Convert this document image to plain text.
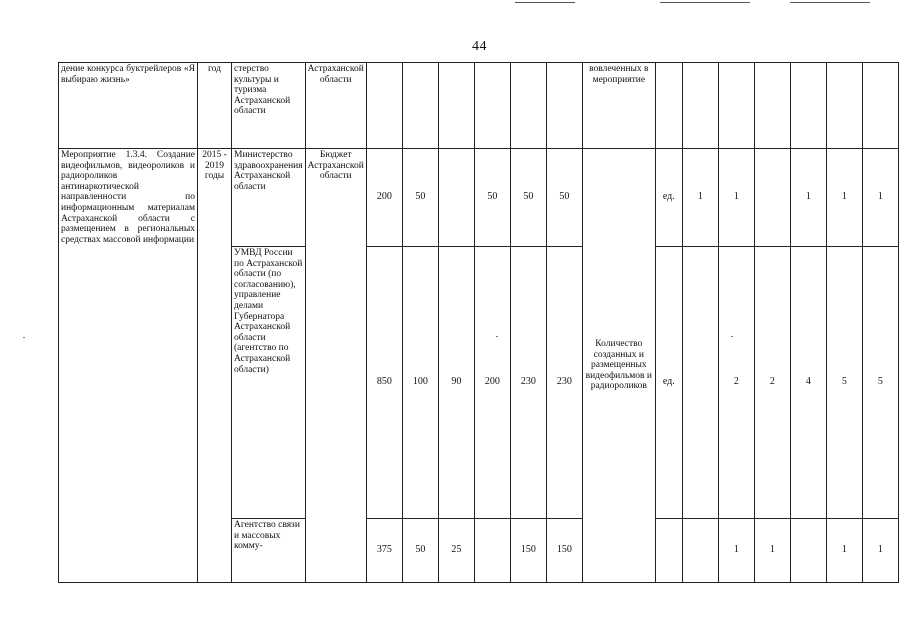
44
дение конкурса буктрейлеров «Я выбираю жизнь»	год	стерство культуры и туризма Астраханской области	Астраханской области							вовлеченных в мероприятие							
Мероприятие 1.3.4. Создание видеофильмов, видеороликов и радиороликов антинаркотической направленности по информационным материалам Астраханской области с размещением в региональных средствах массовой информации	2015 - 2019 годы	Министерство здравоохранения Астраханской области	Бюджет Астраханской области	200	50		50	50	50	Количество созданных и размещенных видеофильмов и радиороликов	ед.	1	1		1	1	1
		УМВД России по Астраханской области (по согласованию), управление делами Губернатора Астраханской области (агентство по Астраханской области)		850	100	90	200	230	230		ед.		2	2	4	5	5
		Агентство связи и массовых комму-		375	50	25		150	150				1	1		1	1
